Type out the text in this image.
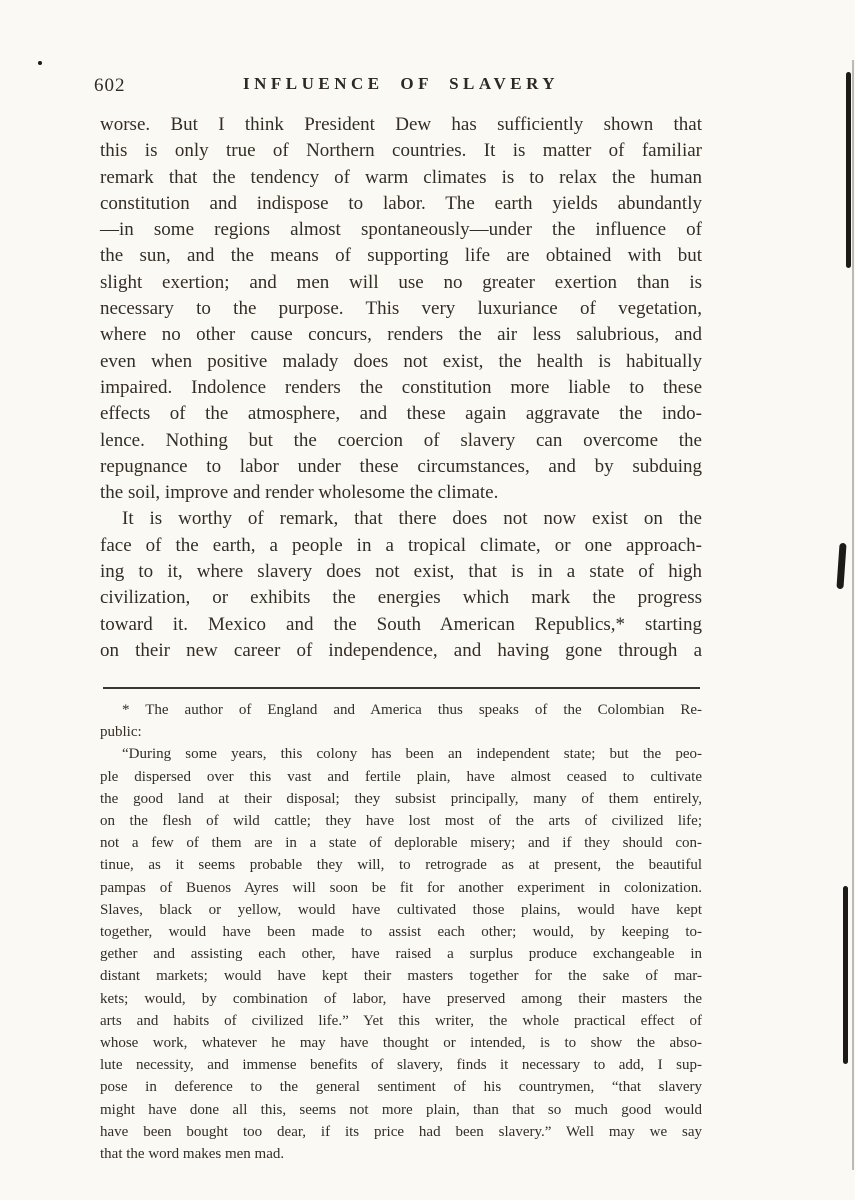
602	INFLUENCE OF SLAVERY
worse. But I think President Dew has sufficiently shown that
this is only true of Northern countries. It is matter of familiar
remark that the tendency of warm climates is to relax the human
constitution and indispose to labor. The earth yields abundantly
—in some regions almost spontaneously—under the influence of
the sun, and the means of supporting life are obtained with but
slight exertion; and men will use no greater exertion than is
necessary to the purpose. This very luxuriance of vegetation,
where no other cause concurs, renders the air less salubrious, and
even when positive malady does not exist, the health is habitually
impaired. Indolence renders the constitution more liable to these
effects of the atmosphere, and these again aggravate the indo-
lence. Nothing but the coercion of slavery can overcome the
repugnance to labor under these circumstances, and by subduing
the soil, improve and render wholesome the climate.
It is worthy of remark, that there does not now exist on the
face of the earth, a people in a tropical climate, or one approach-
ing to it, where slavery does not exist, that is in a state of high
civilization, or exhibits the energies which mark the progress
toward it. Mexico and the South American Republics,* starting
on their new career of independence, and having gone through a
* The author of England and America thus speaks of the Colombian Re-
public:
“During some years, this colony has been an independent state; but the peo-
ple dispersed over this vast and fertile plain, have almost ceased to cultivate
the good land at their disposal; they subsist principally, many of them entirely,
on the flesh of wild cattle; they have lost most of the arts of civilized life;
not a few of them are in a state of deplorable misery; and if they should con-
tinue, as it seems probable they will, to retrograde as at present, the beautiful
pampas of Buenos Ayres will soon be fit for another experiment in colonization.
Slaves, black or yellow, would have cultivated those plains, would have kept
together, would have been made to assist each other; would, by keeping to-
gether and assisting each other, have raised a surplus produce exchangeable in
distant markets; would have kept their masters together for the sake of mar-
kets; would, by combination of labor, have preserved among their masters the
arts and habits of civilized life.” Yet this writer, the whole practical effect of
whose work, whatever he may have thought or intended, is to show the abso-
lute necessity, and immense benefits of slavery, finds it necessary to add, I sup-
pose in deference to the general sentiment of his countrymen, “that slavery
might have done all this, seems not more plain, than that so much good would
have been bought too dear, if its price had been slavery.” Well may we say
that the word makes men mad.
